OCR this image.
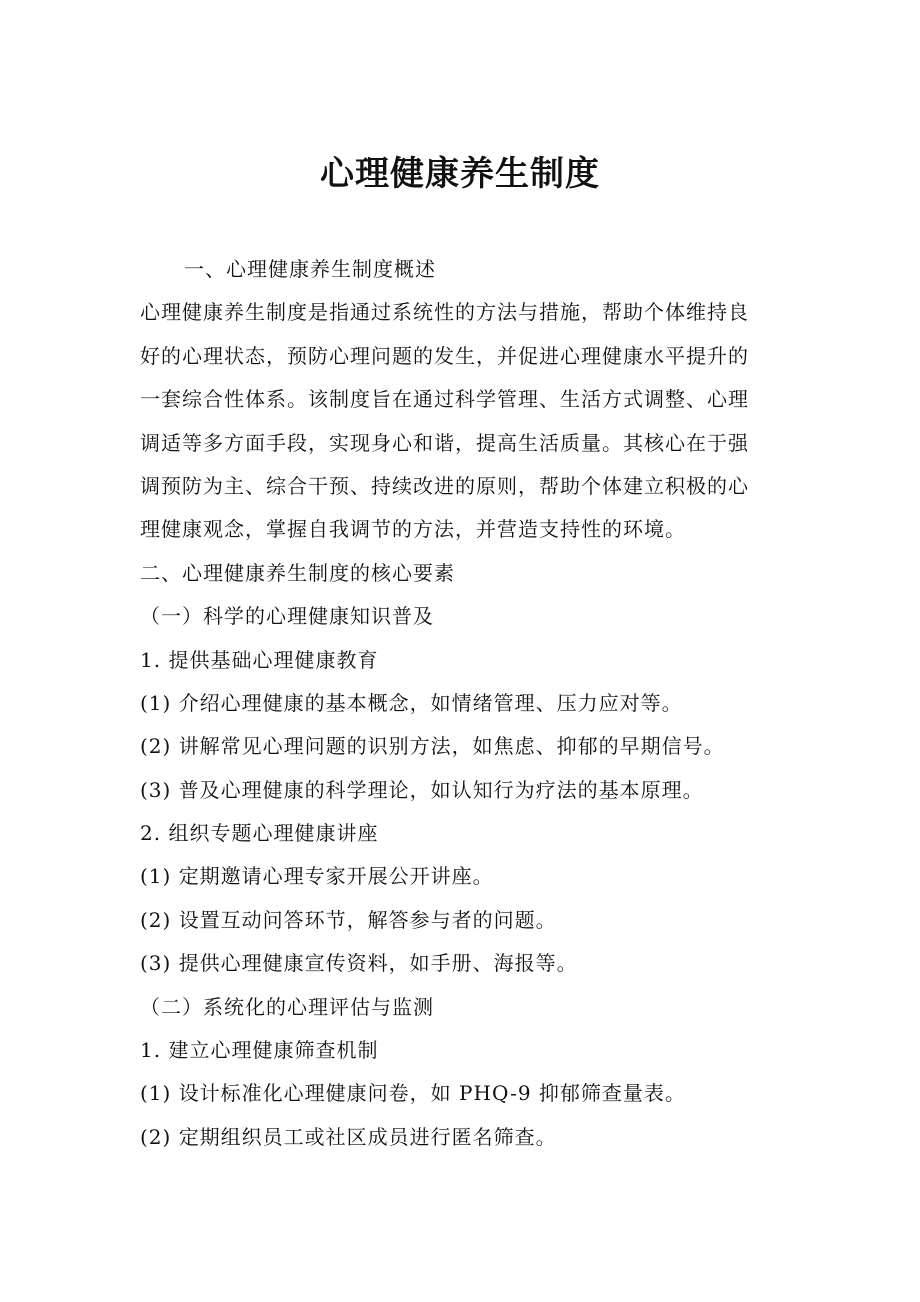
心理健康养生制度

一、心理健康养生制度概述

心理健康养生制度是指通过系统性的方法与措施，帮助个体维持良

好的心理状态，预防心理问题的发生，并促进心理健康水平提升的

一套综合性体系。该制度旨在通过科学管理、生活方式调整、心理

调适等多方面手段，实现身心和谐，提高生活质量。其核心在于强

调预防为主、综合干预、持续改进的原则，帮助个体建立积极的心

理健康观念，掌握自我调节的方法，并营造支持性的环境。

二、心理健康养生制度的核心要素

（一）科学的心理健康知识普及

1. 提供基础心理健康教育

(1) 介绍心理健康的基本概念，如情绪管理、压力应对等。

(2) 讲解常见心理问题的识别方法，如焦虑、抑郁的早期信号。

(3) 普及心理健康的科学理论，如认知行为疗法的基本原理。

2. 组织专题心理健康讲座

(1) 定期邀请心理专家开展公开讲座。

(2) 设置互动问答环节，解答参与者的问题。

(3) 提供心理健康宣传资料，如手册、海报等。

（二）系统化的心理评估与监测

1. 建立心理健康筛查机制

(1) 设计标准化心理健康问卷，如 PHQ-9 抑郁筛查量表。

(2) 定期组织员工或社区成员进行匿名筛查。
